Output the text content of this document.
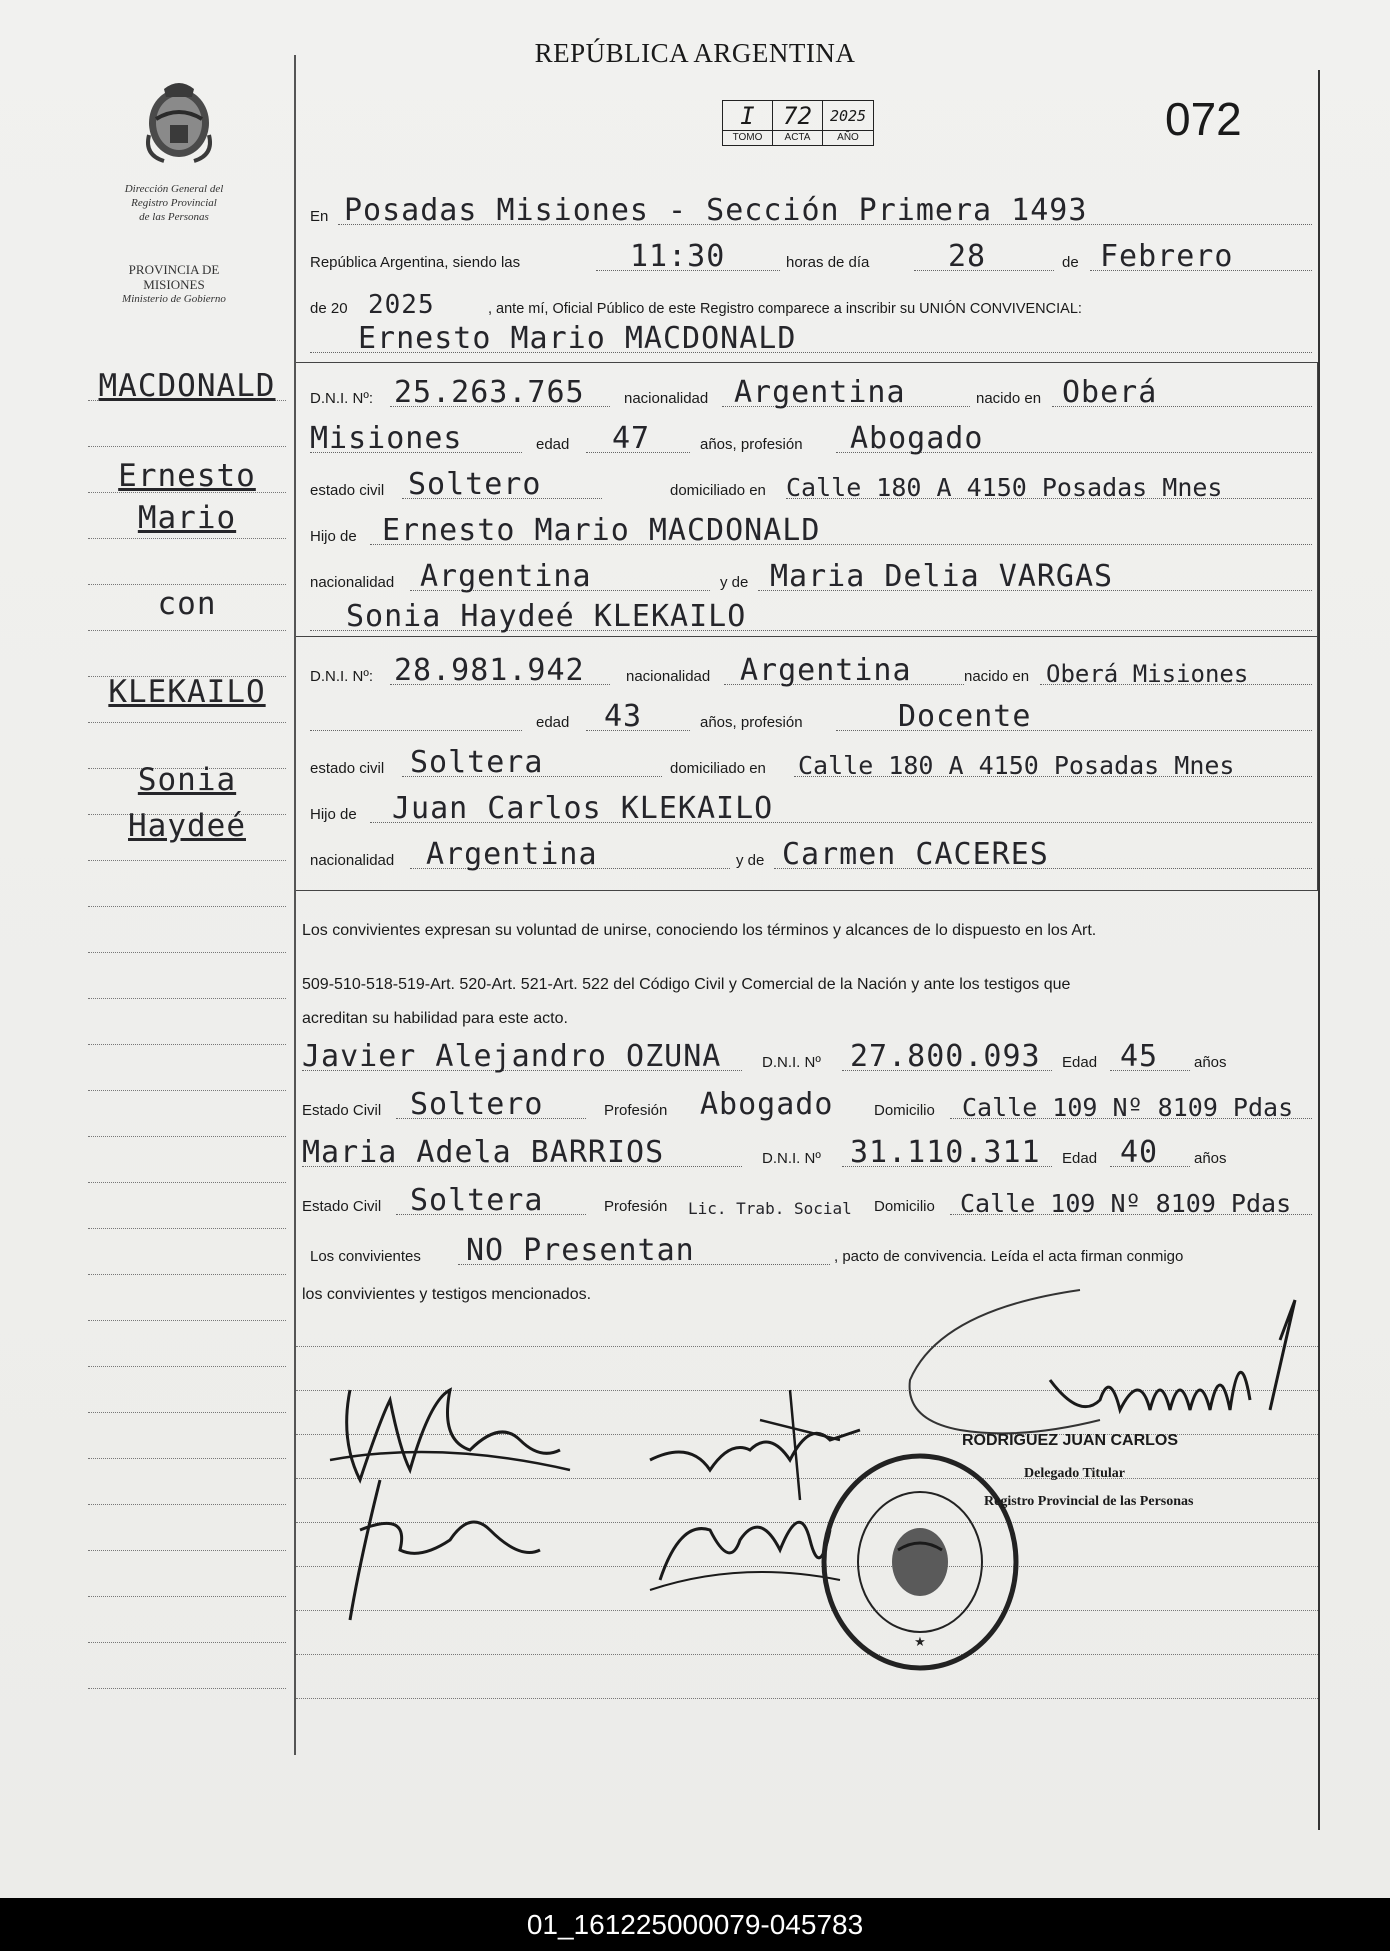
REPÚBLICA ARGENTINA
072
I
TOMO
72
ACTA
2025
AÑO
Dirección General del
Registro Provincial
de las Personas
PROVINCIA DE
MISIONES
Ministerio de Gobierno
MACDONALD
Ernesto
Mario
con
KLEKAILO
Sonia
Haydeé
En Posadas Misiones - Sección Primera 1493
República Argentina, siendo las	11:30	horas de día	28	de Febrero
de 20 2025	, ante mí, Oficial Público de este Registro comparece a inscribir su UNIÓN CONVIVENCIAL:
Ernesto Mario MACDONALD
D.N.I. Nº: 25.263.765	nacionalidad Argentina	nacido en Oberá
Misiones	edad 47	años, profesión Abogado
estado civil Soltero	domiciliado en Calle 180 A 4150 Posadas Mnes
Hijo de Ernesto Mario MACDONALD
nacionalidad Argentina	y de Maria Delia VARGAS
Sonia Haydeé KLEKAILO
D.N.I. Nº: 28.981.942	nacionalidad Argentina	nacido en Oberá Misiones
edad 43	años, profesión	Docente
estado civil Soltera	domiciliado en Calle 180 A 4150 Posadas Mnes
Hijo de Juan Carlos KLEKAILO
nacionalidad Argentina	y de Carmen CACERES
Los convivientes expresan su voluntad de unirse, conociendo los términos y alcances de lo dispuesto en los Art.
509-510-518-519-Art. 520-Art. 521-Art. 522 del Código Civil y Comercial de la Nación y ante los testigos que
acreditan su habilidad para este acto.
Javier Alejandro OZUNA	D.N.I. Nº 27.800.093 Edad 45 años
Estado Civil Soltero	Profesión Abogado	Domicilio Calle 109 Nº 8109 Pdas
Maria Adela BARRIOS	D.N.I. Nº 31.110.311 Edad 40 años
Estado Civil Soltera	Profesión Lic. Trab. Social Domicilio Calle 109 Nº 8109 Pdas
Los convivientes NO Presentan	, pacto de convivencia. Leída el acta firman conmigo
los convivientes y testigos mencionados.
★
RODRIGUEZ JUAN CARLOS
Delegado Titular
Registro Provincial de las Personas
01_161225000079-045783
